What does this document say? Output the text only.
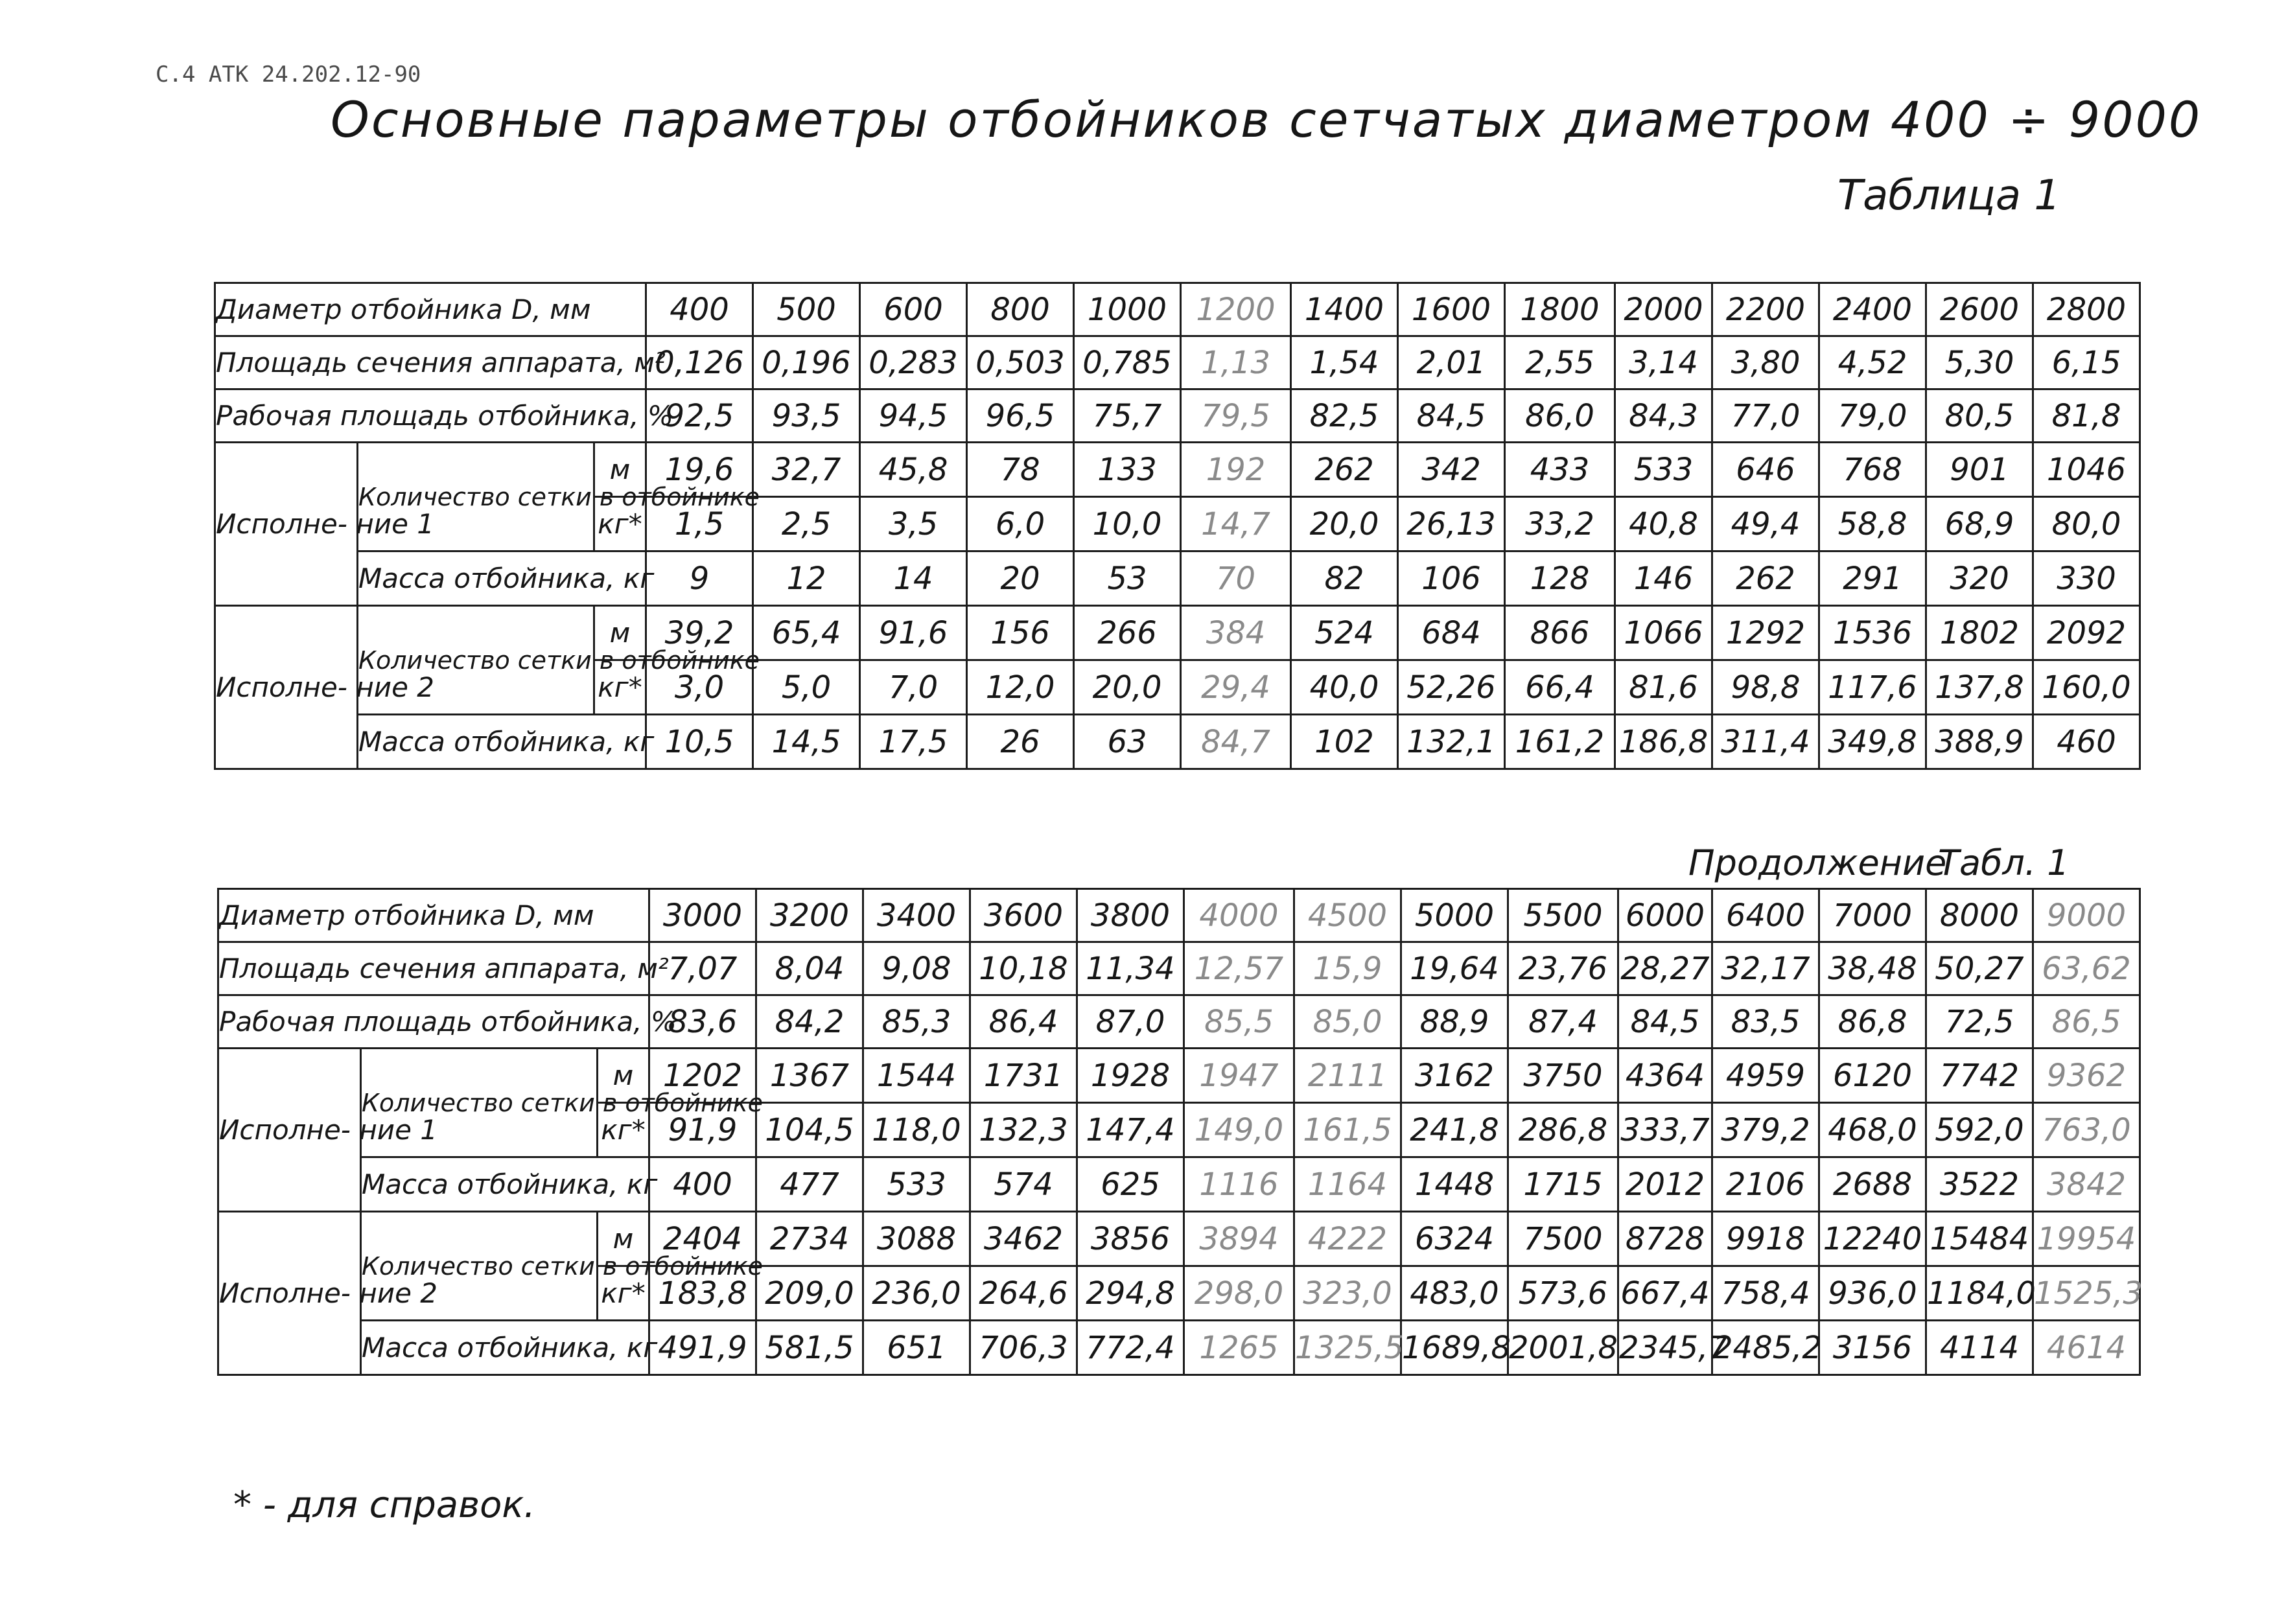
С.4 АТК 24.202.12-90
Основные параметры отбойников сетчатых диаметром 400 ÷ 9000
Таблица 1
Диаметр отбойника D, мм			400	500	600	800	1000	1200	1400	1600	1800	2000	2200	2400	2600	2800
Площадь сечения аппарата, м²			0,126	0,196	0,283	0,503	0,785	1,13	1,54	2,01	2,55	3,14	3,80	4,52	5,30	6,15
Рабочая площадь отбойника, %			92,5	93,5	94,5	96,5	75,7	79,5	82,5	84,5	86,0	84,3	77,0	79,0	80,5	81,8
Исполне- ние 1	Количество сетки в отбойнике	м	19,6	32,7	45,8	78	133	192	262	342	433	533	646	768	901	1046
		кг*	1,5	2,5	3,5	6,0	10,0	14,7	20,0	26,13	33,2	40,8	49,4	58,8	68,9	80,0
	Масса отбойника, кг		9	12	14	20	53	70	82	106	128	146	262	291	320	330
Исполне- ние 2	Количество сетки в отбойнике	м	39,2	65,4	91,6	156	266	384	524	684	866	1066	1292	1536	1802	2092
		кг*	3,0	5,0	7,0	12,0	20,0	29,4	40,0	52,26	66,4	81,6	98,8	117,6	137,8	160,0
	Масса отбойника, кг		10,5	14,5	17,5	26	63	84,7	102	132,1	161,2	186,8	311,4	349,8	388,9	460
Продолжение
Табл. 1
Диаметр отбойника D, мм			3000	3200	3400	3600	3800	4000	4500	5000	5500	6000	6400	7000	8000	9000
Площадь сечения аппарата, м²			7,07	8,04	9,08	10,18	11,34	12,57	15,9	19,64	23,76	28,27	32,17	38,48	50,27	63,62
Рабочая площадь отбойника, %			83,6	84,2	85,3	86,4	87,0	85,5	85,0	88,9	87,4	84,5	83,5	86,8	72,5	86,5
Исполне- ние 1	Количество сетки в отбойнике	м	1202	1367	1544	1731	1928	1947	2111	3162	3750	4364	4959	6120	7742	9362
		кг*	91,9	104,5	118,0	132,3	147,4	149,0	161,5	241,8	286,8	333,7	379,2	468,0	592,0	763,0
	Масса отбойника, кг		400	477	533	574	625	1116	1164	1448	1715	2012	2106	2688	3522	3842
Исполне- ние 2	Количество сетки в отбойнике	м	2404	2734	3088	3462	3856	3894	4222	6324	7500	8728	9918	12240	15484	19954
		кг*	183,8	209,0	236,0	264,6	294,8	298,0	323,0	483,0	573,6	667,4	758,4	936,0	1184,0	1525,3
	Масса отбойника, кг		491,9	581,5	651	706,3	772,4	1265	1325,5	1689,8	2001,8	2345,7	2485,2	3156	4114	4614
* - для справок.
